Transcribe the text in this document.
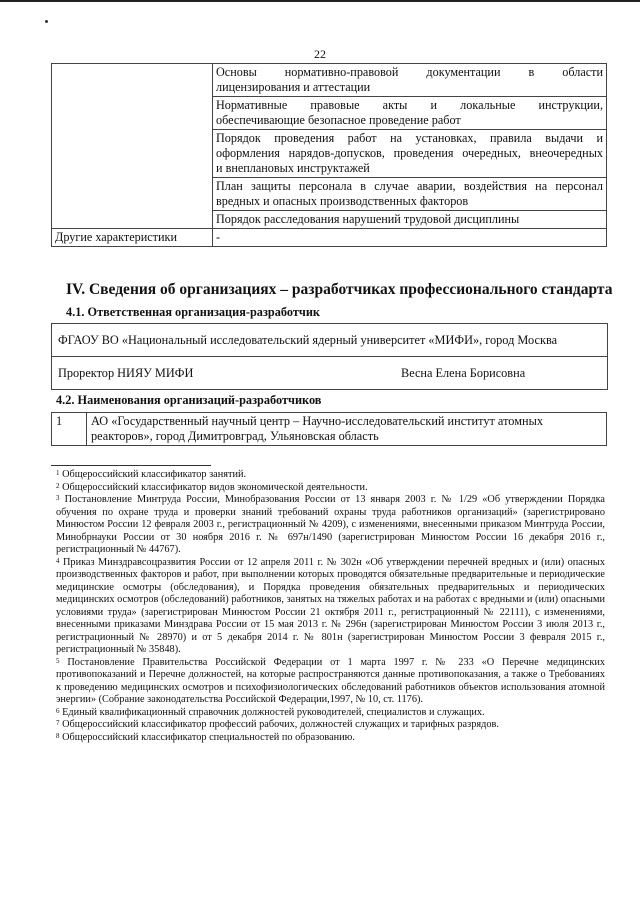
22

	Основы нормативно-правовой документации в области
лицензирования и аттестации

	Нормативные правовые акты и локальные инструкции,
обеспечивающие безопасное проведение работ

	Порядок проведения работ на установках, правила выдачи и
оформления нарядов-допусков, проведения очередных, внеочередных
и внеплановых инструктажей

	План защиты персонала в случае аварии, воздействия на персонал
вредных и опасных производственных факторов
	Порядок расследования нарушений трудовой дисциплины
Другие характеристики	-
IV. Сведения об организациях – разработчиках профессионального стандарта
4.1. Ответственная организация-разработчик
ФГАОУ ВО «Национальный исследовательский ядерный университет «МИФИ», город Москва
Проректор НИЯУ МИФИ	Весна Елена Борисовна
4.2. Наименования организаций-разработчиков
1	АО «Государственный научный центр – Научно-исследовательский институт атомных
реакторов», город Димитровград, Ульяновская область

$^1$ Общероссийский классификатор занятий.

$^2$ Общероссийский классификатор видов экономической деятельности.

$^3$ Постановление Минтруда России, Минобразования России от 13 января 2003 г. № 1/29 «Об утверждении Порядка обучения по охране труда и проверки знаний требований охраны труда работников организаций» (зарегистрировано Минюстом России 12 февраля 2003 г., регистрационный № 4209), с изменениями, внесенными приказом Минтруда России, Минобрнауки России от 30 ноября 2016 г. № 697н/1490 (зарегистрирован Минюстом России 16 декабря 2016 г., регистрационный № 44767).

$^4$ Приказ Минздравсоцразвития России от 12 апреля 2011 г. № 302н «Об утверждении перечней вредных и (или) опасных производственных факторов и работ, при выполнении которых проводятся обязательные предварительные и периодические медицинские осмотры (обследования), и Порядка проведения обязательных предварительных и периодических медицинских осмотров (обследований) работников, занятых на тяжелых работах и на работах с вредными и (или) опасными условиями труда» (зарегистрирован Минюстом России 21 октября 2011 г., регистрационный № 22111), с изменениями, внесенными приказами Минздрава России от 15 мая 2013 г. № 296н (зарегистрирован Минюстом России 3 июля 2013 г., регистрационный № 28970) и от 5 декабря 2014 г. № 801н (зарегистрирован Минюстом России 3 февраля 2015 г., регистрационный № 35848).

$^5$ Постановление Правительства Российской Федерации от 1 марта 1997 г. № 233 «О Перечне медицинских противопоказаний и Перечне должностей, на которые распространяются данные противопоказания, а также о Требованиях к проведению медицинских осмотров и психофизиологических обследований работников объектов использования атомной энергии» (Собрание законодательства Российской Федерации,1997, № 10, ст. 1176).

$^6$ Единый квалификационный справочник должностей руководителей, специалистов и служащих.

$^7$ Общероссийский классификатор профессий рабочих, должностей служащих и тарифных разрядов.

$^8$ Общероссийский классификатор специальностей по образованию.
